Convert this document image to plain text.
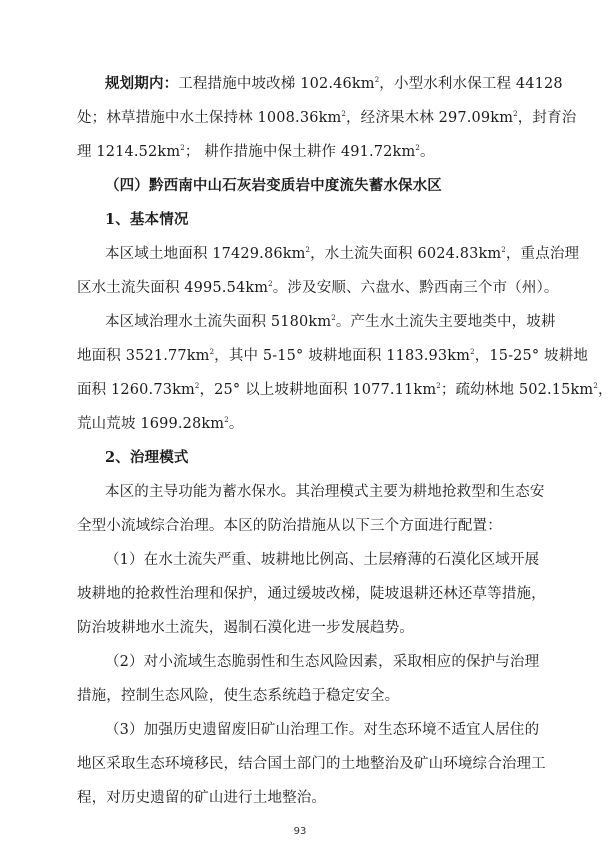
规划期内：工程措施中坡改梯 $102.46km^2$，小型水利水保工程 44128
处；林草措施中水土保持林 $1008.36km^2$，经济果木林 $297.09km^2$，封育治
理 $1214.52km^2$； 耕作措施中保土耕作 $491.72km^2$。
（四）黔西南中山石灰岩变质岩中度流失蓄水保水区
1、基本情况
本区域土地面积 $17429.86km^2$，水土流失面积 $6024.83km^2$，重点治理
区水土流失面积 $4995.54km^2$。涉及安顺、六盘水、黔西南三个市（州）。
本区域治理水土流失面积 $5180km^2$。产生水土流失主要地类中，坡耕
地面积 $3521.77km^2$，其中 5-15° 坡耕地面积 $1183.93km^2$，15-25° 坡耕地
面积 $1260.73km^2$，25° 以上坡耕地面积 $1077.11km^2$；疏幼林地 $502.15km^2$，
荒山荒坡 $1699.28km^2$。
2、治理模式
本区的主导功能为蓄水保水。其治理模式主要为耕地抢救型和生态安
全型小流域综合治理。本区的防治措施从以下三个方面进行配置：
（1）在水土流失严重、坡耕地比例高、土层瘠薄的石漠化区域开展
坡耕地的抢救性治理和保护，通过缓坡改梯，陡坡退耕还林还草等措施，
防治坡耕地水土流失，遏制石漠化进一步发展趋势。
（2）对小流域生态脆弱性和生态风险因素，采取相应的保护与治理
措施，控制生态风险，使生态系统趋于稳定安全。
（3）加强历史遗留废旧矿山治理工作。对生态环境不适宜人居住的
地区采取生态环境移民，结合国土部门的土地整治及矿山环境综合治理工
程，对历史遗留的矿山进行土地整治。
93
